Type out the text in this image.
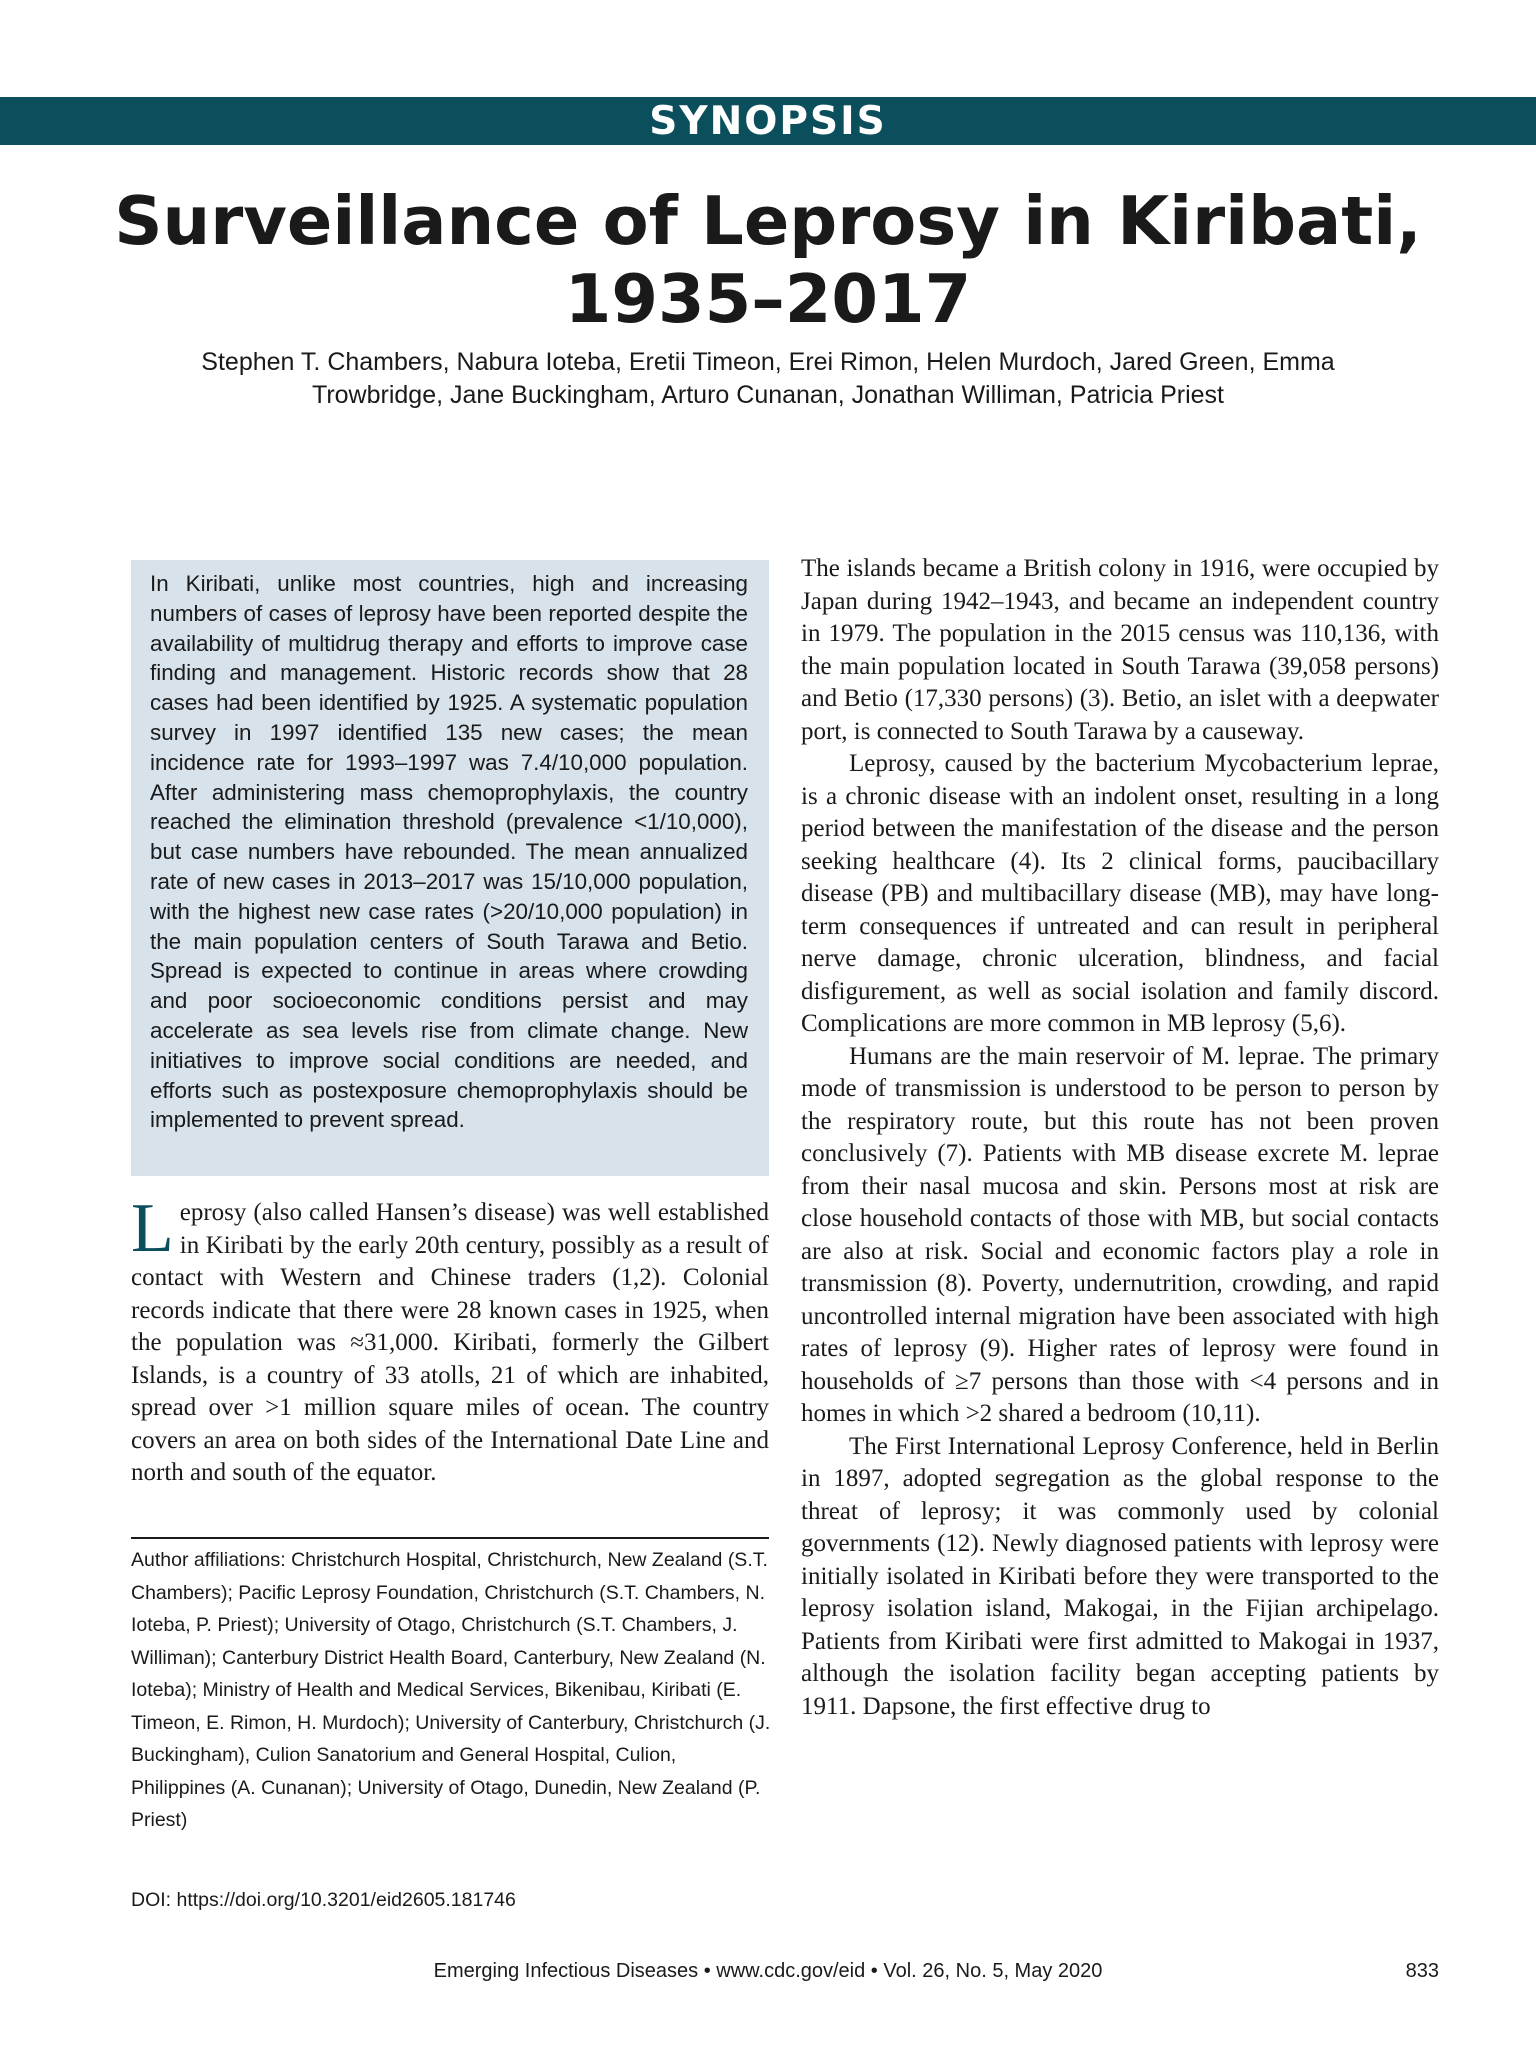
SYNOPSIS
Surveillance of Leprosy in Kiribati, 1935–2017
Stephen T. Chambers, Nabura Ioteba, Eretii Timeon, Erei Rimon, Helen Murdoch, Jared Green, Emma Trowbridge, Jane Buckingham, Arturo Cunanan, Jonathan Williman, Patricia Priest

In Kiribati, unlike most countries, high and increasing numbers of cases of leprosy have been reported despite the availability of multidrug therapy and efforts to improve case finding and management. Historic records show that 28 cases had been identified by 1925. A systematic population survey in 1997 identified 135 new cases; the mean incidence rate for 1993–1997 was 7.4/10,000 population. After administering mass chemoprophylaxis, the country reached the elimination threshold (prevalence <1/10,000), but case numbers have rebounded. The mean annualized rate of new cases in 2013–2017 was 15/10,000 population, with the highest new case rates (>20/10,000 population) in the main population centers of South Tarawa and Betio. Spread is expected to continue in areas where crowding and poor socioeconomic conditions persist and may accelerate as sea levels rise from climate change. New initiatives to improve social conditions are needed, and efforts such as postexposure chemoprophylaxis should be implemented to prevent spread.

Leprosy (also called Hansen’s disease) was well established in Kiribati by the early 20th century, possibly as a result of contact with Western and Chinese traders (1,2). Colonial records indicate that there were 28 known cases in 1925, when the population was ≈31,000. Kiribati, formerly the Gilbert Islands, is a country of 33 atolls, 21 of which are inhabited, spread over >1 million square miles of ocean. The country covers an area on both sides of the International Date Line and north and south of the equator.

Author affiliations: Christchurch Hospital, Christchurch, New Zealand (S.T. Chambers); Pacific Leprosy Foundation, Christchurch (S.T. Chambers, N. Ioteba, P. Priest); University of Otago, Christchurch (S.T. Chambers, J. Williman); Canterbury District Health Board, Canterbury, New Zealand (N. Ioteba); Ministry of Health and Medical Services, Bikenibau, Kiribati (E. Timeon, E. Rimon, H. Murdoch); University of Canterbury, Christchurch (J. Buckingham), Culion Sanatorium and General Hospital, Culion, Philippines (A. Cunanan); University of Otago, Dunedin, New Zealand (P. Priest)

DOI: https://doi.org/10.3201/eid2605.181746

The islands became a British colony in 1916, were occupied by Japan during 1942–1943, and became an independent country in 1979. The population in the 2015 census was 110,136, with the main population located in South Tarawa (39,058 persons) and Betio (17,330 persons) (3). Betio, an islet with a deepwater port, is connected to South Tarawa by a causeway.

Leprosy, caused by the bacterium Mycobacterium leprae, is a chronic disease with an indolent onset, resulting in a long period between the manifestation of the disease and the person seeking healthcare (4). Its 2 clinical forms, paucibacillary disease (PB) and multibacillary disease (MB), may have long-term consequences if untreated and can result in peripheral nerve damage, chronic ulceration, blindness, and facial disfigurement, as well as social isolation and family discord. Complications are more common in MB leprosy (5,6).

Humans are the main reservoir of M. leprae. The primary mode of transmission is understood to be person to person by the respiratory route, but this route has not been proven conclusively (7). Patients with MB disease excrete M. leprae from their nasal mucosa and skin. Persons most at risk are close household contacts of those with MB, but social contacts are also at risk. Social and economic factors play a role in transmission (8). Poverty, undernutrition, crowding, and rapid uncontrolled internal migration have been associated with high rates of leprosy (9). Higher rates of leprosy were found in households of ≥7 persons than those with <4 persons and in homes in which >2 shared a bedroom (10,11).

The First International Leprosy Conference, held in Berlin in 1897, adopted segregation as the global response to the threat of leprosy; it was commonly used by colonial governments (12). Newly diagnosed patients with leprosy were initially isolated in Kiribati before they were transported to the leprosy isolation island, Makogai, in the Fijian archipelago. Patients from Kiribati were first admitted to Makogai in 1937, although the isolation facility began accepting patients by 1911. Dapsone, the first effective drug to

Emerging Infectious Diseases • www.cdc.gov/eid • Vol. 26, No. 5, May 2020	833
